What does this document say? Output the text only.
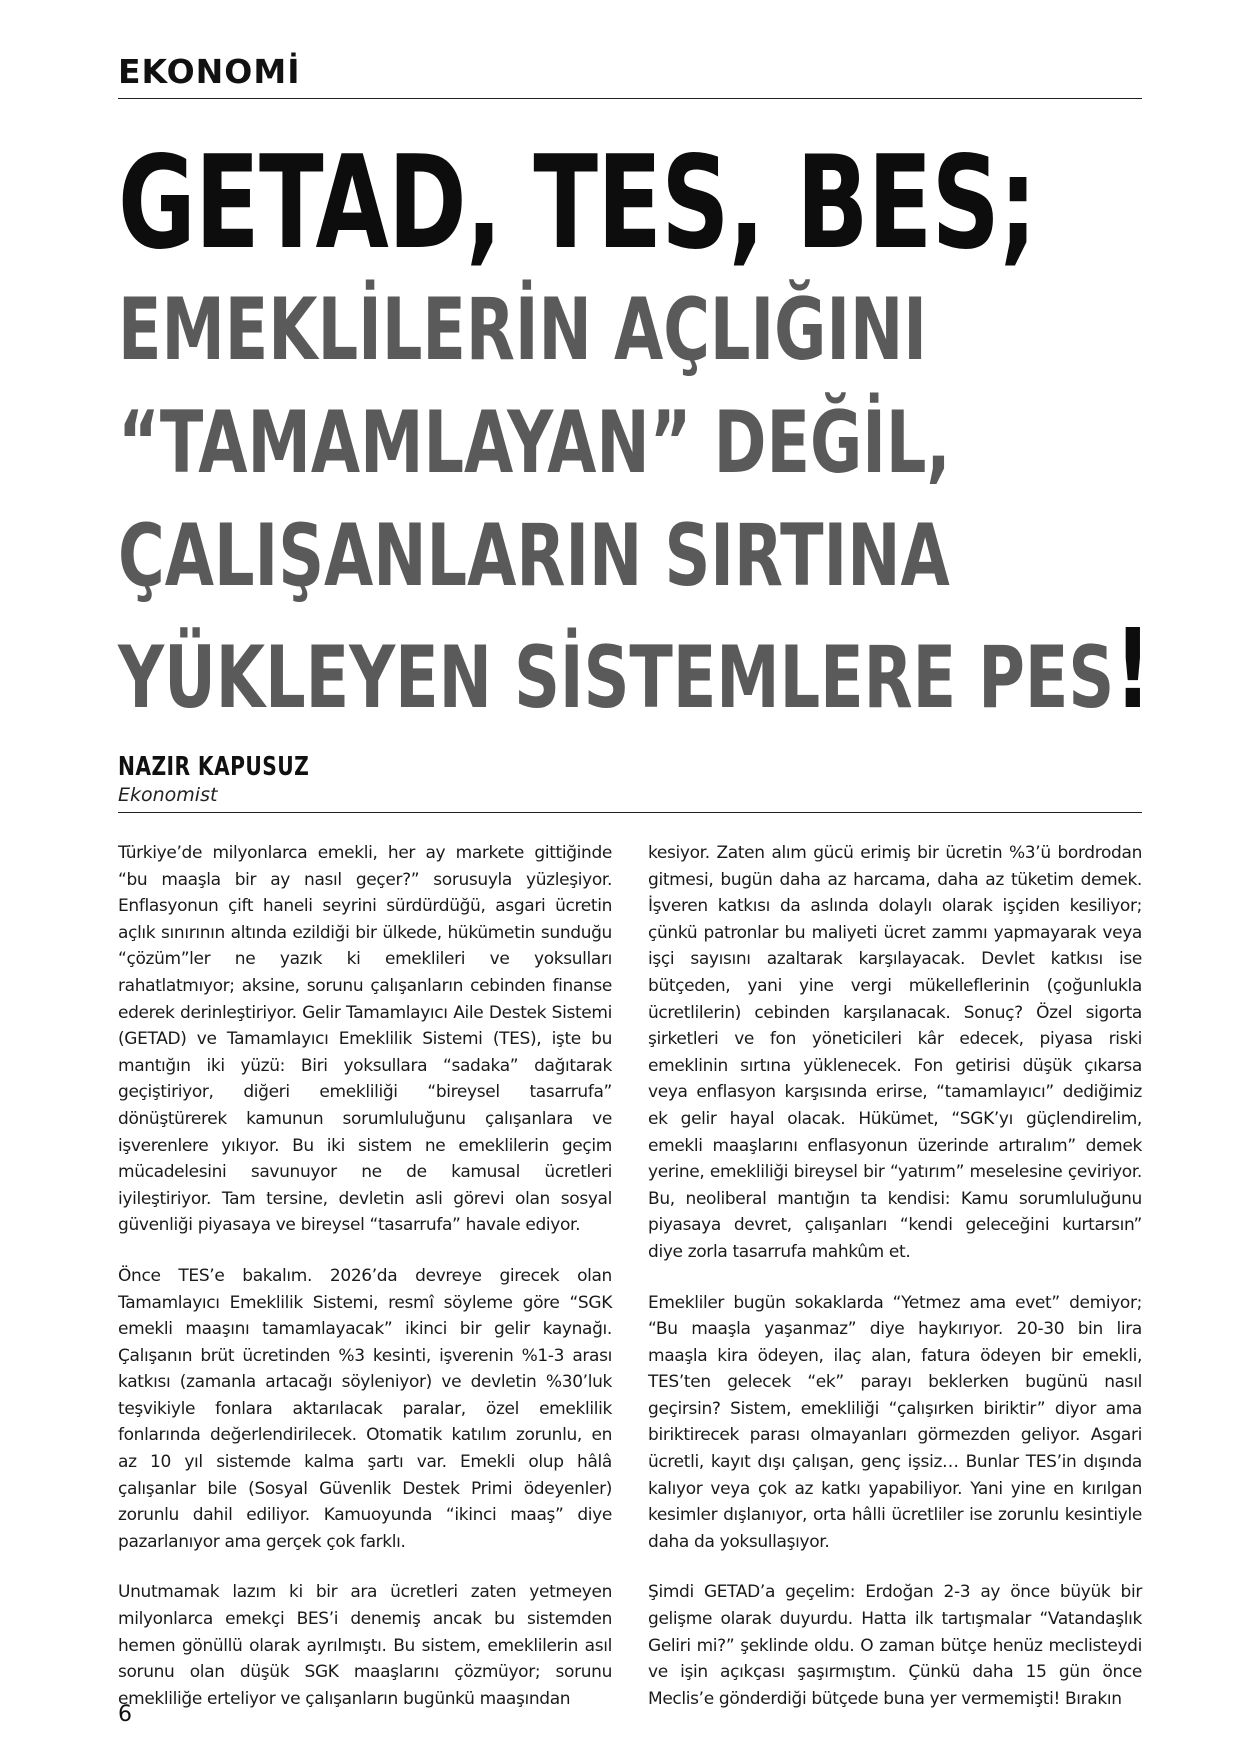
EKONOMİ
GETAD, TES, BES;
EMEKLİLERİN AÇLIĞINI
“TAMAMLAYAN” DEĞİL,
ÇALIŞANLARIN SIRTINA
YÜKLEYEN SİSTEMLERE PES!
NAZIR KAPUSUZ
Ekonomist

Türkiye’de milyonlarca emekli, her ay markete gittiğinde “bu maaşla bir ay nasıl geçer?” sorusuyla yüzleşiyor. Enflasyonun çift haneli seyrini sürdürdüğü, asgari ücretin açlık sınırının altında ezildiği bir ülkede, hükümetin sunduğu “çözüm”ler ne yazık ki emeklileri ve yoksulları rahatlatmıyor; aksine, sorunu çalışanların cebinden finanse ederek derinleştiriyor. Gelir Tamamlayıcı Aile Destek Sistemi (GETAD) ve Tamamlayıcı Emeklilik Sistemi (TES), işte bu mantığın iki yüzü: Biri yoksullara “sadaka” dağıtarak geçiştiriyor, diğeri emekliliği “bireysel tasarrufa” dönüştürerek kamunun sorumluluğunu çalışanlara ve işverenlere yıkıyor. Bu iki sistem ne emeklilerin geçim mücadelesini savunuyor ne de kamusal ücretleri iyileştiriyor. Tam tersine, devletin asli görevi olan sosyal güvenliği piyasaya ve bireysel “tasarrufa” havale ediyor.

Önce TES’e bakalım. 2026’da devreye girecek olan Tamamlayıcı Emeklilik Sistemi, resmî söyleme göre “SGK emekli maaşını tamamlayacak” ikinci bir gelir kaynağı. Çalışanın brüt ücretinden %3 kesinti, işverenin %1-3 arası katkısı (zamanla artacağı söyleniyor) ve devletin %30’luk teşvikiyle fonlara aktarılacak paralar, özel emeklilik fonlarında değerlendirilecek. Otomatik katılım zorunlu, en az 10 yıl sistemde kalma şartı var. Emekli olup hâlâ çalışanlar bile (Sosyal Güvenlik Destek Primi ödeyenler) zorunlu dahil ediliyor. Kamuoyunda “ikinci maaş” diye pazarlanıyor ama gerçek çok farklı.

Unutmamak lazım ki bir ara ücretleri zaten yetmeyen milyonlarca emekçi BES’i denemiş ancak bu sistemden hemen gönüllü olarak ayrılmıştı. Bu sistem, emeklilerin asıl sorunu olan düşük SGK maaşlarını çözmüyor; sorunu emekliliğe erteliyor ve çalışanların bugünkü maaşından

kesiyor. Zaten alım gücü erimiş bir ücretin %3’ü bordrodan gitmesi, bugün daha az harcama, daha az tüketim demek. İşveren katkısı da aslında dolaylı olarak işçiden kesiliyor; çünkü patronlar bu maliyeti ücret zammı yapmayarak veya işçi sayısını azaltarak karşılayacak. Devlet katkısı ise bütçeden, yani yine vergi mükelleflerinin (çoğunlukla ücretlilerin) cebinden karşılanacak. Sonuç? Özel sigorta şirketleri ve fon yöneticileri kâr edecek, piyasa riski emeklinin sırtına yüklenecek. Fon getirisi düşük çıkarsa veya enflasyon karşısında erirse, “tamamlayıcı” dediğimiz ek gelir hayal olacak. Hükümet, “SGK’yı güçlendirelim, emekli maaşlarını enflasyonun üzerinde artıralım” demek yerine, emekliliği bireysel bir “yatırım” meselesine çeviriyor. Bu, neoliberal mantığın ta kendisi: Kamu sorumluluğunu piyasaya devret, çalışanları “kendi geleceğini kurtarsın” diye zorla tasarrufa mahkûm et.

Emekliler bugün sokaklarda “Yetmez ama evet” demiyor; “Bu maaşla yaşanmaz” diye haykırıyor. 20-30 bin lira maaşla kira ödeyen, ilaç alan, fatura ödeyen bir emekli, TES’ten gelecek “ek” parayı beklerken bugünü nasıl geçirsin? Sistem, emekliliği “çalışırken biriktir” diyor ama biriktirecek parası olmayanları görmezden geliyor. Asgari ücretli, kayıt dışı çalışan, genç işsiz… Bunlar TES’in dışında kalıyor veya çok az katkı yapabiliyor. Yani yine en kırılgan kesimler dışlanıyor, orta hâlli ücretliler ise zorunlu kesintiyle daha da yoksullaşıyor.

Şimdi GETAD’a geçelim: Erdoğan 2-3 ay önce büyük bir gelişme olarak duyurdu. Hatta ilk tartışmalar “Vatandaşlık Geliri mi?” şeklinde oldu. O zaman bütçe henüz meclisteydi ve işin açıkçası şaşırmıştım. Çünkü daha 15 gün önce Meclis’e gönderdiği bütçede buna yer vermemişti! Bırakın

6
